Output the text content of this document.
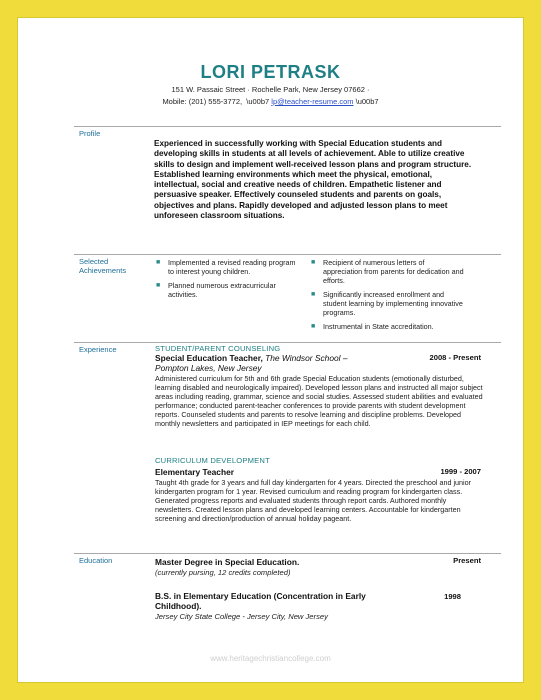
LORI PETRASK
151 W. Passaic Street · Rochelle Park, New Jersey 07662 ·
Mobile: (201) 555-3772,  \u00b7 lp@teacher-resume.com \u00b7
Profile
Experienced in successfully working with Special Education students and developing skills in students at all levels of achievement. Able to utilize creative skills to design and implement well-received lesson plans and program structure. Established learning environments which meet the physical, emotional, intellectual, social and creative needs of children. Empathetic listener and persuasive speaker. Effectively counseled students and parents on goals, objectives and plans. Rapidly developed and adjusted lesson plans to meet unforeseen classroom situations.
Selected
Achievements
■ Implemented a revised reading program to interest young children.
■ Planned numerous extracurricular activities.
■ Recipient of numerous letters of appreciation from parents for dedication and efforts.
■ Significantly increased enrollment and student learning by implementing innovative programs.
■ Instrumental in State accreditation.
Experience	STUDENT/PARENT COUNSELING
Special Education Teacher, The Windsor School –
Pompton Lakes, New Jersey
2008 - Present
Administered curriculum for 5th and 6th grade Special Education students (emotionally disturbed, learning disabled and neurologically impaired). Developed lesson plans and instructed all major subject areas including reading, grammar, science and social studies. Assessed student abilities and evaluated performance; conducted parent-teacher conferences to provide parents with student development reports. Counseled students and parents to resolve learning and discipline problems. Developed monthly newsletters and participated in IEP meetings for each child.
CURRICULUM DEVELOPMENT
Elementary Teacher	1999 - 2007
Taught 4th grade for 3 years and full day kindergarten for 4 years. Directed the preschool and junior kindergarten program for 1 year. Revised curriculum and reading program for kindergarten class. Generated progress reports and evaluated students through report cards. Authored monthly newsletters. Created lesson plans and developed learning centers. Accountable for kindergarten screening and direction/production of annual holiday pageant.
Education	Master Degree in Special Education.	Present
(currently pursing, 12 credits completed)
B.S. in Elementary Education (Concentration in Early
Childhood).
1998
Jersey City State College - Jersey City, New Jersey
www.heritagechristiancollege.com
